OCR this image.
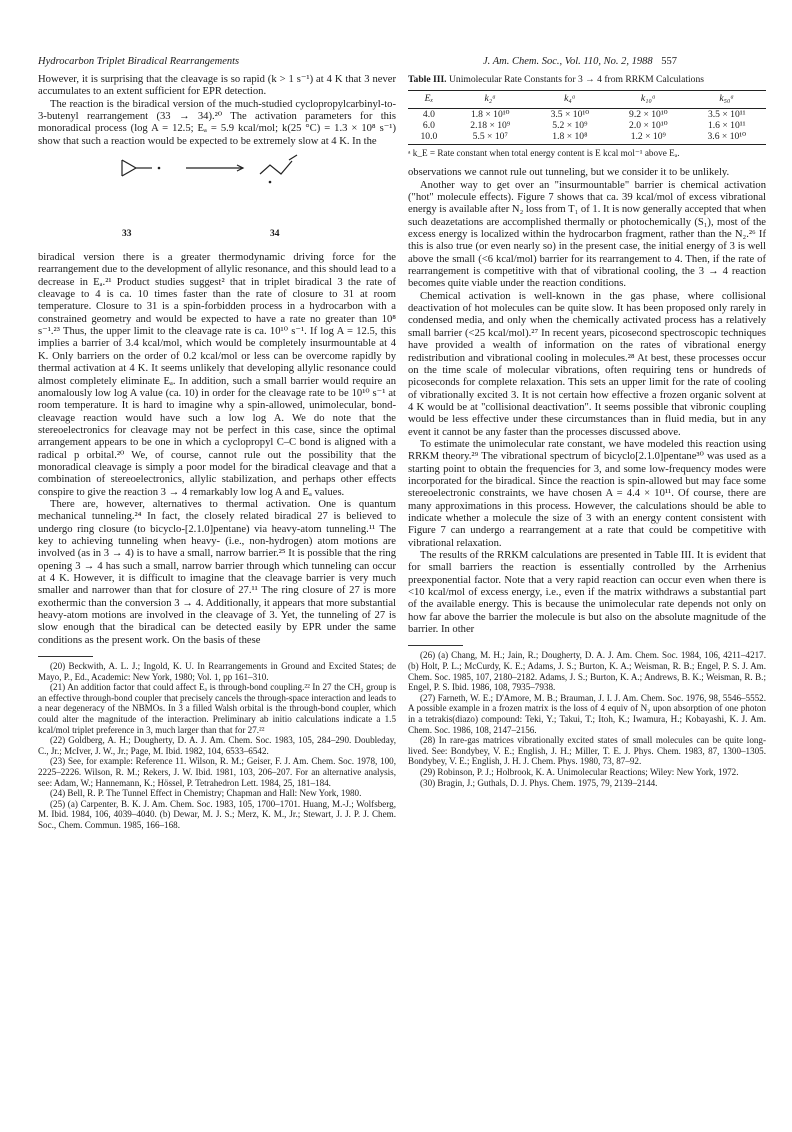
Hydrocarbon Triplet Biradical Rearrangements	J. Am. Chem. Soc., Vol. 110, No. 2, 1988 557

However, it is surprising that the cleavage is so rapid (k > 1 s⁻¹) at 4 K that 3 never accumulates to an extent sufficient for EPR detection.

The reaction is the biradical version of the much-studied cyclopropylcarbinyl-to-3-butenyl rearrangement (33 → 34).²⁰ The activation parameters for this monoradical process (log A = 12.5; Eₐ = 5.9 kcal/mol; k(25 °C) = 1.3 × 10⁸ s⁻¹) show that such a reaction would be expected to be extremely slow at 4 K. In the

33	34

biradical version there is a greater thermodynamic driving force for the rearrangement due to the development of allylic resonance, and this should lead to a decrease in Eₐ.²¹ Product studies suggest² that in triplet biradical 3 the rate of cleavage to 4 is ca. 10 times faster than the rate of closure to 31 at room temperature. Closure to 31 is a spin-forbidden process in a hydrocarbon with a constrained geometry and would be expected to have a rate no greater than 10⁸ s⁻¹.²³ Thus, the upper limit to the cleavage rate is ca. 10¹⁰ s⁻¹. If log A = 12.5, this implies a barrier of 3.4 kcal/mol, which would be completely insurmountable at 4 K. Only barriers on the order of 0.2 kcal/mol or less can be overcome rapidly by thermal activation at 4 K. It seems unlikely that developing allylic resonance could almost completely eliminate Eₐ. In addition, such a small barrier would require an anomalously low log A value (ca. 10) in order for the cleavage rate to be 10¹⁰ s⁻¹ at room temperature. It is hard to imagine why a spin-allowed, unimolecular, bond-cleavage reaction would have such a low log A. We do note that the stereoelectronics for cleavage may not be perfect in this case, since the optimal arrangement appears to be one in which a cyclopropyl C–C bond is aligned with a radical p orbital.²⁰ We, of course, cannot rule out the possibility that the monoradical cleavage is simply a poor model for the biradical cleavage and that a combination of stereoelectronics, allylic stabilization, and perhaps other effects conspire to give the reaction 3 → 4 remarkably low log A and Eₐ values.

There are, however, alternatives to thermal activation. One is quantum mechanical tunneling.²⁴ In fact, the closely related biradical 27 is believed to undergo ring closure (to bicyclo-[2.1.0]pentane) via heavy-atom tunneling.¹¹ The key to achieving tunneling when heavy- (i.e., non-hydrogen) atom motions are involved (as in 3 → 4) is to have a small, narrow barrier.²⁵ It is possible that the ring opening 3 → 4 has such a small, narrow barrier through which tunneling can occur at 4 K. However, it is difficult to imagine that the cleavage barrier is very much smaller and narrower than that for closure of 27.¹¹ The ring closure of 27 is more exothermic than the conversion 3 → 4. Additionally, it appears that more substantial heavy-atom motions are involved in the cleavage of 3. Yet, the tunneling of 27 is slow enough that the biradical can be detected easily by EPR under the same conditions as the present work. On the basis of these

(20) Beckwith, A. L. J.; Ingold, K. U. In Rearrangements in Ground and Excited States; de Mayo, P., Ed., Academic: New York, 1980; Vol. 1, pp 161–310.

(21) An addition factor that could affect Eₐ is through-bond coupling.²² In 27 the CH₂ group is an effective through-bond coupler that precisely cancels the through-space interaction and leads to a near degeneracy of the NBMOs. In 3 a filled Walsh orbital is the through-bond coupler, which could alter the magnitude of the interaction. Preliminary ab initio calculations indicate a 1.5 kcal/mol triplet preference in 3, much larger than that for 27.²²

(22) Goldberg, A. H.; Dougherty, D. A. J. Am. Chem. Soc. 1983, 105, 284–290. Doubleday, C., Jr.; McIver, J. W., Jr.; Page, M. Ibid. 1982, 104, 6533–6542.

(23) See, for example: Reference 11. Wilson, R. M.; Geiser, F. J. Am. Chem. Soc. 1978, 100, 2225–2226. Wilson, R. M.; Rekers, J. W. Ibid. 1981, 103, 206–207. For an alternative analysis, see: Adam, W.; Hannemann, K.; Hössel, P. Tetrahedron Lett. 1984, 25, 181–184.

(24) Bell, R. P. The Tunnel Effect in Chemistry; Chapman and Hall: New York, 1980.

(25) (a) Carpenter, B. K. J. Am. Chem. Soc. 1983, 105, 1700–1701. Huang, M.-J.; Wolfsberg, M. Ibid. 1984, 106, 4039–4040. (b) Dewar, M. J. S.; Merz, K. M., Jr.; Stewart, J. J. P. J. Chem. Soc., Chem. Commun. 1985, 166–168.

Table III. Unimolecular Rate Constants for 3 → 4 from RRKM Calculations
Eₓ	k₂ᵃ	k₄ᵃ	k₁₀ᵃ	k₅₀ᵃ
4.0	1.8 × 10¹⁰	3.5 × 10¹⁰	9.2 × 10¹⁰	3.5 × 10¹¹
6.0	2.18 × 10⁹	5.2 × 10⁹	2.0 × 10¹⁰	1.6 × 10¹¹
10.0	5.5 × 10⁷	1.8 × 10⁸	1.2 × 10⁹	3.6 × 10¹⁰
ᵃ k_E = Rate constant when total energy content is E kcal mol⁻¹ above Eₐ.

observations we cannot rule out tunneling, but we consider it to be unlikely.

Another way to get over an "insurmountable" barrier is chemical activation ("hot" molecule effects). Figure 7 shows that ca. 39 kcal/mol of excess vibrational energy is available after N₂ loss from T₁ of 1. It is now generally accepted that when such deazetations are accomplished thermally or photochemically (S₁), most of the excess energy is localized within the hydrocarbon fragment, rather than the N₂.²⁶ If this is also true (or even nearly so) in the present case, the initial energy of 3 is well above the small (<6 kcal/mol) barrier for its rearrangement to 4. Then, if the rate of rearrangement is competitive with that of vibrational cooling, the 3 → 4 reaction becomes quite viable under the reaction conditions.

Chemical activation is well-known in the gas phase, where collisional deactivation of hot molecules can be quite slow. It has been proposed only rarely in condensed media, and only when the chemically activated process has a relatively small barrier (<25 kcal/mol).²⁷ In recent years, picosecond spectroscopic techniques have provided a wealth of information on the rates of vibrational energy redistribution and vibrational cooling in molecules.²⁸ At best, these processes occur on the time scale of molecular vibrations, often requiring tens or hundreds of picoseconds for complete relaxation. This sets an upper limit for the rate of cooling of vibrationally excited 3. It is not certain how effective a frozen organic solvent at 4 K would be at "collisional deactivation". It seems possible that vibronic coupling would be less effective under these circumstances than in fluid media, but in any event it cannot be any faster than the processes discussed above.

To estimate the unimolecular rate constant, we have modeled this reaction using RRKM theory.²⁹ The vibrational spectrum of bicyclo[2.1.0]pentane³⁰ was used as a starting point to obtain the frequencies for 3, and some low-frequency modes were incorporated for the biradical. Since the reaction is spin-allowed but may face some stereoelectronic constraints, we have chosen A = 4.4 × 10¹¹. Of course, there are many approximations in this process. However, the calculations should be able to indicate whether a molecule the size of 3 with an energy content consistent with Figure 7 can undergo a rearrangement at a rate that could be competitive with vibrational relaxation.

The results of the RRKM calculations are presented in Table III. It is evident that for small barriers the reaction is essentially controlled by the Arrhenius preexponential factor. Note that a very rapid reaction can occur even when there is <10 kcal/mol of excess energy, i.e., even if the matrix withdraws a substantial part of the available energy. This is because the unimolecular rate depends not only on how far above the barrier the molecule is but also on the absolute magnitude of the barrier. In other

(26) (a) Chang, M. H.; Jain, R.; Dougherty, D. A. J. Am. Chem. Soc. 1984, 106, 4211–4217. (b) Holt, P. L.; McCurdy, K. E.; Adams, J. S.; Burton, K. A.; Weisman, R. B.; Engel, P. S. J. Am. Chem. Soc. 1985, 107, 2180–2182. Adams, J. S.; Burton, K. A.; Andrews, B. K.; Weisman, R. B.; Engel, P. S. Ibid. 1986, 108, 7935–7938.

(27) Farneth, W. E.; D'Amore, M. B.; Brauman, J. I. J. Am. Chem. Soc. 1976, 98, 5546–5552. A possible example in a frozen matrix is the loss of 4 equiv of N₂ upon absorption of one photon in a tetrakis(diazo) compound: Teki, Y.; Takui, T.; Itoh, K.; Iwamura, H.; Kobayashi, K. J. Am. Chem. Soc. 1986, 108, 2147–2156.

(28) In rare-gas matrices vibrationally excited states of small molecules can be quite long-lived. See: Bondybey, V. E.; English, J. H.; Miller, T. E. J. Phys. Chem. 1983, 87, 1300–1305. Bondybey, V. E.; English, J. H. J. Chem. Phys. 1980, 73, 87–92.

(29) Robinson, P. J.; Holbrook, K. A. Unimolecular Reactions; Wiley: New York, 1972.

(30) Bragin, J.; Guthals, D. J. Phys. Chem. 1975, 79, 2139–2144.
